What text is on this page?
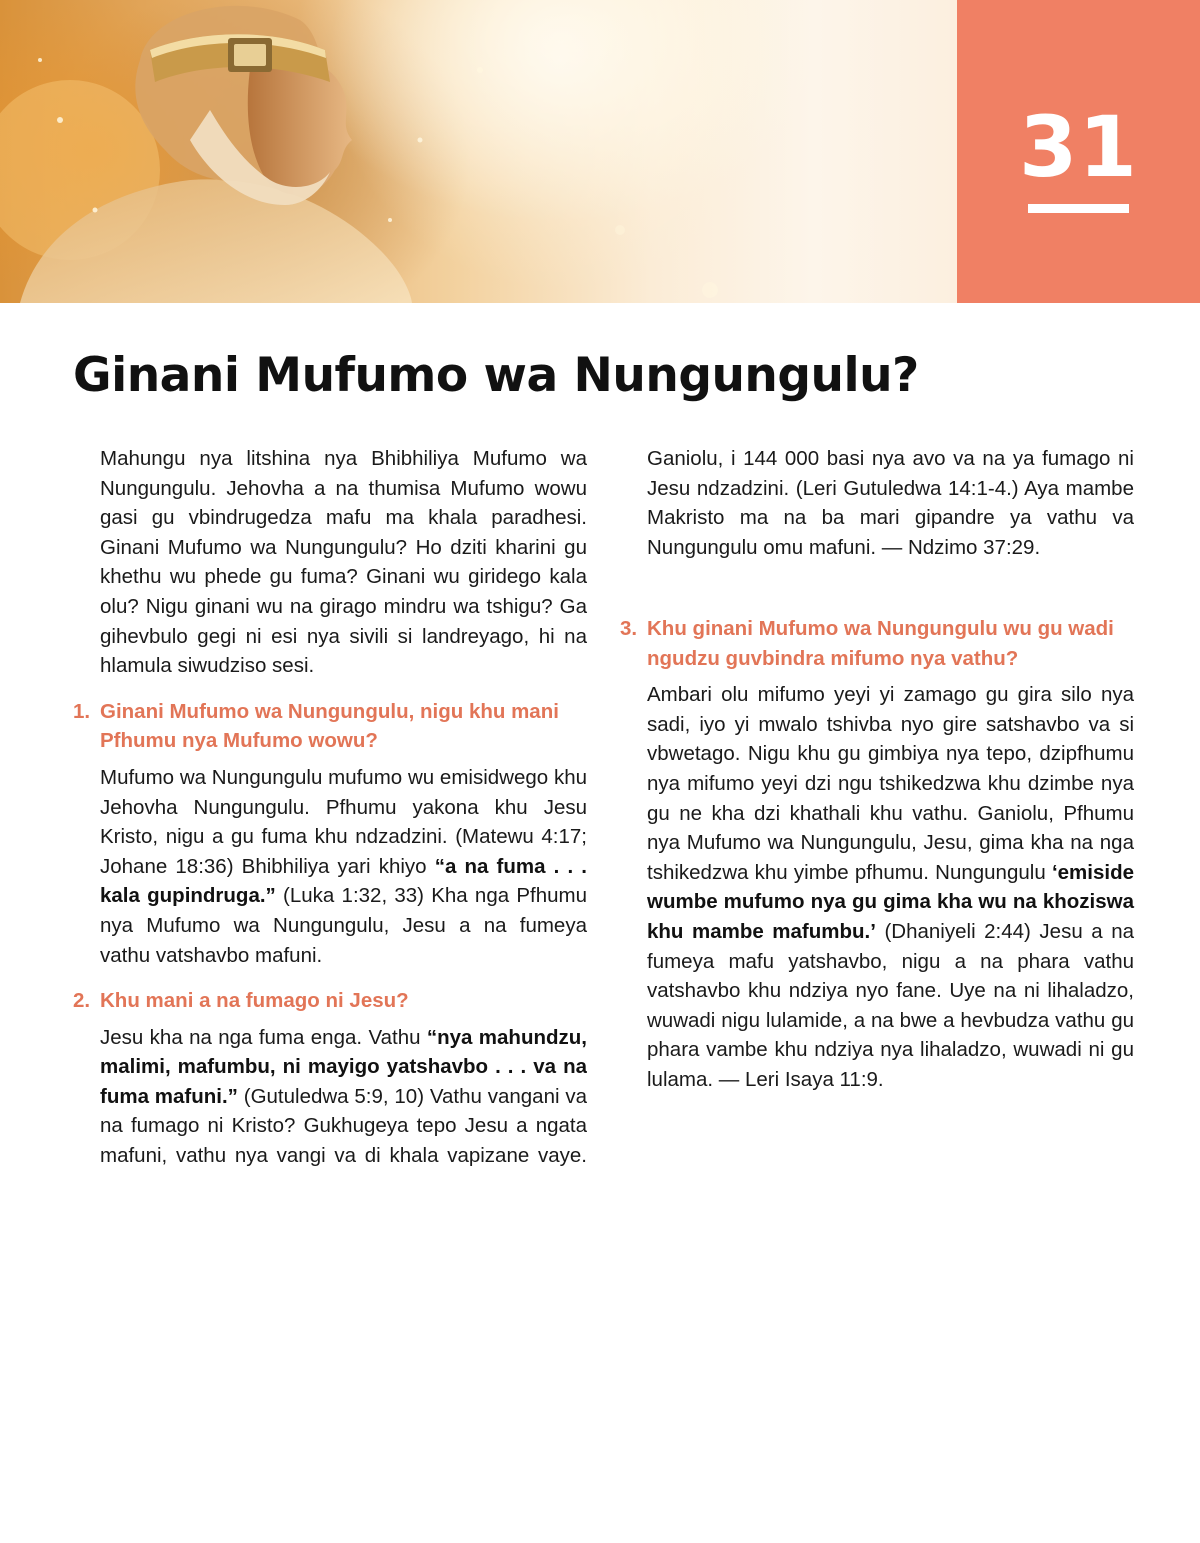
31
Ginani Mufumo wa Nungungulu?

Mahungu nya litshina nya Bhibhiliya Mufumo wa Nungungulu. Jehovha a na thumisa Mufumo wowu gasi gu vbindrugedza mafu ma khala paradhesi. Ginani Mufumo wa Nungungulu? Ho dziti kharini gu khethu wu phede gu fuma? Ginani wu giridego kala olu? Nigu ginani wu na girago mindru wa tshigu? Ga gihevbulo gegi ni esi nya sivili si landreyago, hi na hlamula siwudziso sesi.

1. Ginani Mufumo wa Nungungulu, nigu khu mani Pfhumu nya Mufumo wowu?

Mufumo wa Nungungulu mufumo wu emisidwego khu Jehovha Nungungulu. Pfhumu yakona khu Jesu Kristo, nigu a gu fuma khu ndzadzini. (Matewu 4:17; Johane 18:36) Bhibhiliya yari khiyo “a na fuma . . . kala gupindruga.” (Luka 1:32, 33) Kha nga Pfhumu nya Mufumo wa Nungungulu, Jesu a na fumeya vathu vatshavbo mafuni.

2. Khu mani a na fumago ni Jesu?

Jesu kha na nga fuma enga. Vathu “nya mahundzu, malimi, mafumbu, ni mayigo yatshavbo . . . va na fuma mafuni.” (Gutuledwa 5:9, 10) Vathu vangani va na fumago ni Kristo? Gukhugeya tepo Jesu a ngata mafuni, vathu nya vangi va di khala vapizane vaye.

Ganiolu, i 144 000 basi nya avo va na ya fumago ni Jesu ndzadzini. (Leri Gutuledwa 14:1-4.) Aya mambe Makristo ma na ba mari gipandre ya vathu va Nungungulu omu mafuni. — Ndzimo 37:29.

3. Khu ginani Mufumo wa Nungungulu wu gu wadi ngudzu guvbindra mifumo nya vathu?

Ambari olu mifumo yeyi yi zamago gu gira silo nya sadi, iyo yi mwalo tshivba nyo gire satshavbo va si vbwetago. Nigu khu gu gimbiya nya tepo, dzipfhumu nya mifumo yeyi dzi ngu tshikedzwa khu dzimbe nya gu ne kha dzi khathali khu vathu. Ganiolu, Pfhumu nya Mufumo wa Nungungulu, Jesu, gima kha na nga tshikedzwa khu yimbe pfhumu. Nungungulu ‘emiside wumbe mufumo nya gu gima kha wu na khoziswa khu mambe mafumbu.’ (Dhaniyeli 2:44) Jesu a na fumeya mafu yatshavbo, nigu a na phara vathu vatshavbo khu ndziya nyo fane. Uye na ni lihaladzo, wuwadi nigu lulamide, a na bwe a hevbudza vathu gu phara vambe khu ndziya nya lihaladzo, wuwadi ni gu lulama. — Leri Isaya 11:9.
